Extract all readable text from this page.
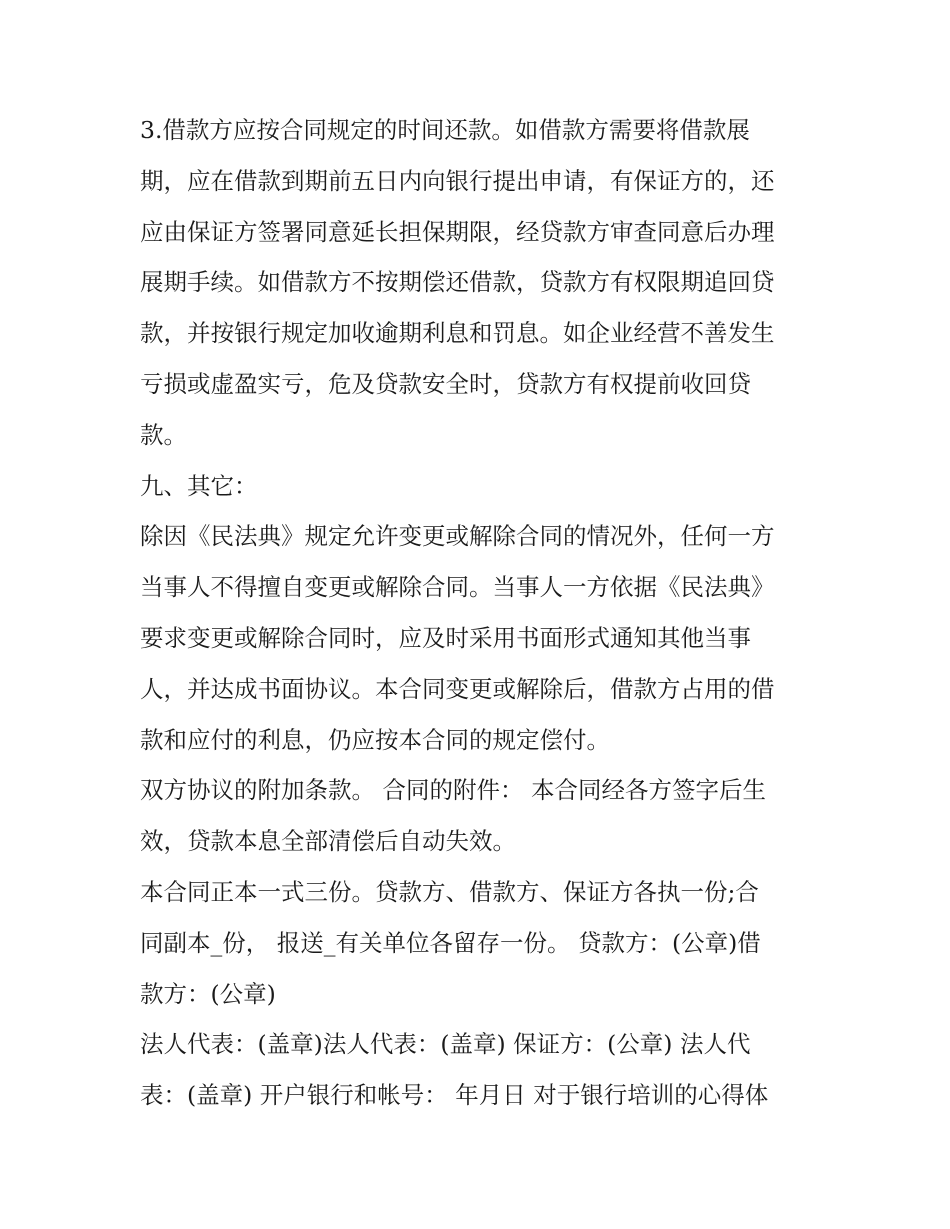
3.借款方应按合同规定的时间还款。如借款方需要将借款展
期，应在借款到期前五日内向银行提出申请，有保证方的，还
应由保证方签署同意延长担保期限，经贷款方审查同意后办理
展期手续。如借款方不按期偿还借款，贷款方有权限期追回贷
款，并按银行规定加收逾期利息和罚息。如企业经营不善发生
亏损或虚盈实亏，危及贷款安全时，贷款方有权提前收回贷
款。
九、其它：
除因《民法典》规定允许变更或解除合同的情况外，任何一方
当事人不得擅自变更或解除合同。当事人一方依据《民法典》
要求变更或解除合同时，应及时采用书面形式通知其他当事
人，并达成书面协议。本合同变更或解除后，借款方占用的借
款和应付的利息，仍应按本合同的规定偿付。
双方协议的附加条款。 合同的附件： 本合同经各方签字后生
效，贷款本息全部清偿后自动失效。
本合同正本一式三份。贷款方、借款方、保证方各执一份;合
同副本_份， 报送_有关单位各留存一份。 贷款方：(公章)借
款方：(公章)
法人代表：(盖章)法人代表：(盖章) 保证方：(公章) 法人代
表：(盖章) 开户银行和帐号： 年月日 对于银行培训的心得体
